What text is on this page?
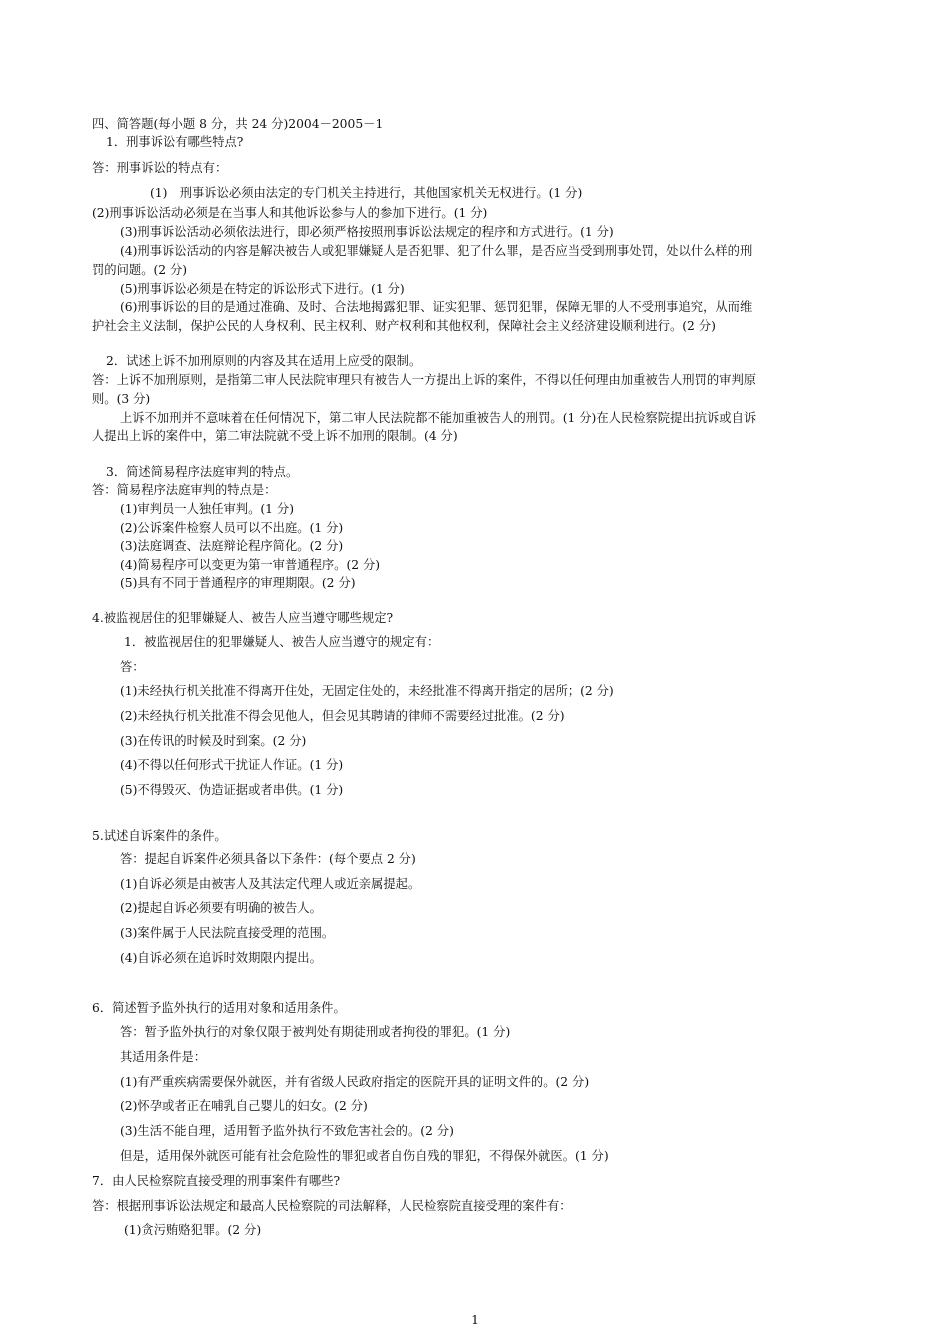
四、简答题(每小题 8 分，共 24 分)2004－2005－1
1．刑事诉讼有哪些特点?
答：刑事诉讼的特点有：
(1)　刑事诉讼必须由法定的专门机关主持进行，其他国家机关无权进行。(1 分)
(2)刑事诉讼活动必须是在当事人和其他诉讼参与人的参加下进行。(1 分)
(3)刑事诉讼活动必须依法进行，即必须严格按照刑事诉讼法规定的程序和方式进行。(1 分)
(4)刑事诉讼活动的内容是解决被告人或犯罪嫌疑人是否犯罪、犯了什么罪，是否应当受到刑事处罚，处以什么样的刑
罚的问题。(2 分)
(5)刑事诉讼必须是在特定的诉讼形式下进行。(1 分)
(6)刑事诉讼的目的是通过准确、及时、合法地揭露犯罪、证实犯罪、惩罚犯罪，保障无罪的人不受刑事追究，从而维
护社会主义法制，保护公民的人身权利、民主权利、财产权利和其他权利，保障社会主义经济建设顺利进行。(2 分)
2．试述上诉不加刑原则的内容及其在适用上应受的限制。
答：上诉不加刑原则，是指第二审人民法院审理只有被告人一方提出上诉的案件，不得以任何理由加重被告人刑罚的审判原
则。(3 分)
上诉不加刑并不意味着在任何情况下，第二审人民法院都不能加重被告人的刑罚。(1 分)在人民检察院提出抗诉或自诉
人提出上诉的案件中，第二审法院就不受上诉不加刑的限制。(4 分)
3．简述简易程序法庭审判的特点。
答：简易程序法庭审判的特点是：
(1)审判员一人独任审判。(1 分)
(2)公诉案件检察人员可以不出庭。(1 分)
(3)法庭调查、法庭辩论程序简化。(2 分)
(4)简易程序可以变更为第一审普通程序。(2 分)
(5)具有不同于普通程序的审理期限。(2 分)
4.被监视居住的犯罪嫌疑人、被告人应当遵守哪些规定?
1．被监视居住的犯罪嫌疑人、被告人应当遵守的规定有：
答：
(1)未经执行机关批准不得离开住处，无固定住处的，未经批准不得离开指定的居所；(2 分)
(2)未经执行机关批准不得会见他人，但会见其聘请的律师不需要经过批准。(2 分)
(3)在传讯的时候及时到案。(2 分)
(4)不得以任何形式干扰证人作证。(1 分)
(5)不得毁灭、伪造证据或者串供。(1 分)
5.试述自诉案件的条件。
答：提起自诉案件必须具备以下条件：(每个要点 2 分)
(1)自诉必须是由被害人及其法定代理人或近亲属提起。
(2)提起自诉必须要有明确的被告人。
(3)案件属于人民法院直接受理的范围。
(4)自诉必须在追诉时效期限内提出。
6．简述暂予监外执行的适用对象和适用条件。
答：暂予监外执行的对象仅限于被判处有期徒刑或者拘役的罪犯。(1 分)
其适用条件是：
(1)有严重疾病需要保外就医，并有省级人民政府指定的医院开具的证明文件的。(2 分)
(2)怀孕或者正在哺乳自己婴儿的妇女。(2 分)
(3)生活不能自理，适用暂予监外执行不致危害社会的。(2 分)
但是，适用保外就医可能有社会危险性的罪犯或者自伤自残的罪犯，不得保外就医。(1 分)
7．由人民检察院直接受理的刑事案件有哪些?
答：根据刑事诉讼法规定和最高人民检察院的司法解释，人民检察院直接受理的案件有：
(1)贪污贿赂犯罪。(2 分)
1
